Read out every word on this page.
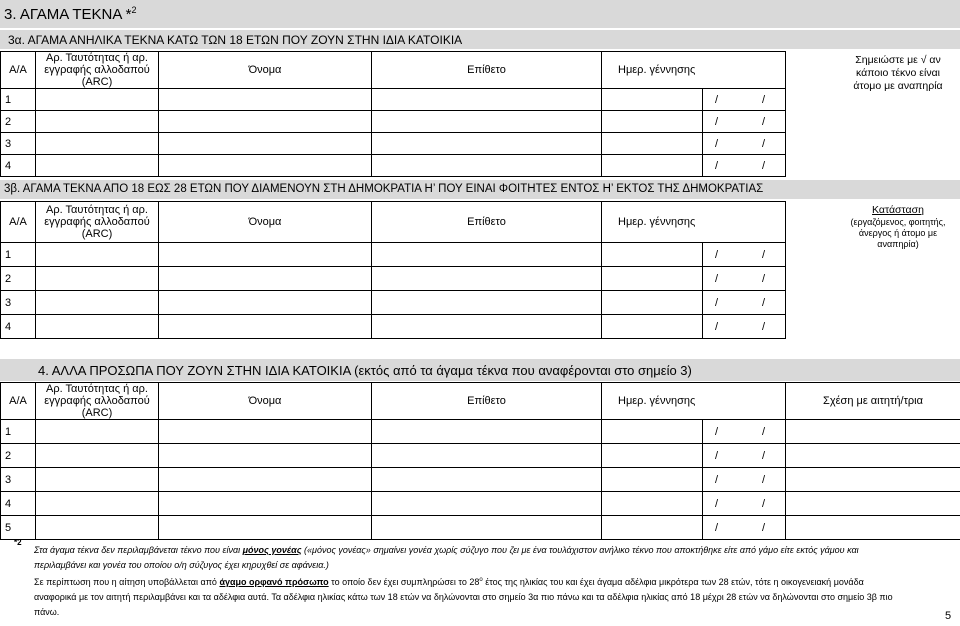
3. ΑΓΑΜΑ ΤΕΚΝΑ *$^2$
3α. ΑΓΑΜΑ ΑΝΗΛΙΚΑ ΤΕΚΝΑ ΚΑΤΩ ΤΩΝ 18 ΕΤΩΝ ΠΟΥ ΖΟΥΝ ΣΤΗΝ ΙΔΙΑ ΚΑΤΟΙΚΙΑ
Α/Α	Αρ. Ταυτότητας ή αρ.
εγγραφής αλλοδαπού
(ARC)	Όνομα	Επίθετο	Ημερ. γέννησης	
1					/ /

2					/ /

3					/ /

4					/ /
Σημειώστε με √ αν
κάποιο τέκνο είναι
άτομο με αναπηρία
3β. ΑΓΑΜΑ ΤΕΚΝΑ ΑΠΟ 18 ΕΩΣ 28 ΕΤΩΝ ΠΟΥ ΔΙΑΜΕΝΟΥΝ ΣΤΗ ΔΗΜΟΚΡΑΤΙΑ Η’ ΠΟΥ ΕΙΝΑΙ ΦΟΙΤΗΤΕΣ ΕΝΤΟΣ Η’ ΕΚΤΟΣ ΤΗΣ ΔΗΜΟΚΡΑΤΙΑΣ
Α/Α	Αρ. Ταυτότητας ή αρ.
εγγραφής αλλοδαπού
(ARC)	Όνομα	Επίθετο	Ημερ. γέννησης	
1					/ /

2					/ /

3					/ /

4					/ /
Κατάσταση
(εργαζόμενος, φοιτητής,
άνεργος ή άτομο με
αναπηρία)
4. ΑΛΛΑ ΠΡΟΣΩΠΑ ΠΟΥ ΖΟΥΝ ΣΤΗΝ ΙΔΙΑ ΚΑΤΟΙΚΙΑ (εκτός από τα άγαμα τέκνα που αναφέρονται στο σημείο 3)
Α/Α	Αρ. Ταυτότητας ή αρ.
εγγραφής αλλοδαπού
(ARC)	Όνομα	Επίθετο	Ημερ. γέννησης		Σχέση με αιτητή/τρια
1					/ /	

2					/ /	

3					/ /	

4					/ /	

5					/ /	

*2
Στα άγαμα τέκνα δεν περιλαμβάνεται τέκνο που είναι μόνος γονέας («μόνος γονέας» σημαίνει γονέα χωρίς σύζυγο που ζει με ένα τουλάχιστον ανήλικο τέκνο που αποκτήθηκε είτε από γάμο είτε εκτός γάμου και
περιλαμβάνει και γονέα του οποίου ο/η σύζυγος έχει κηρυχθεί σε αφάνεια.)
Σε περίπτωση που η αίτηση υποβάλλεται από άγαμο ορφανό πρόσωπο το οποίο δεν έχει συμπληρώσει το $28^o$ έτος της ηλικίας του και έχει άγαμα αδέλφια μικρότερα των 28 ετών, τότε η οικογενειακή μονάδα
αναφορικά με τον αιτητή περιλαμβάνει και τα αδέλφια αυτά. Τα αδέλφια ηλικίας κάτω των 18 ετών να δηλώνονται στο σημείο 3α πιο πάνω και τα αδέλφια ηλικίας από 18 μέχρι 28 ετών να δηλώνονται στο σημείο 3β πιο
πάνω.	5
